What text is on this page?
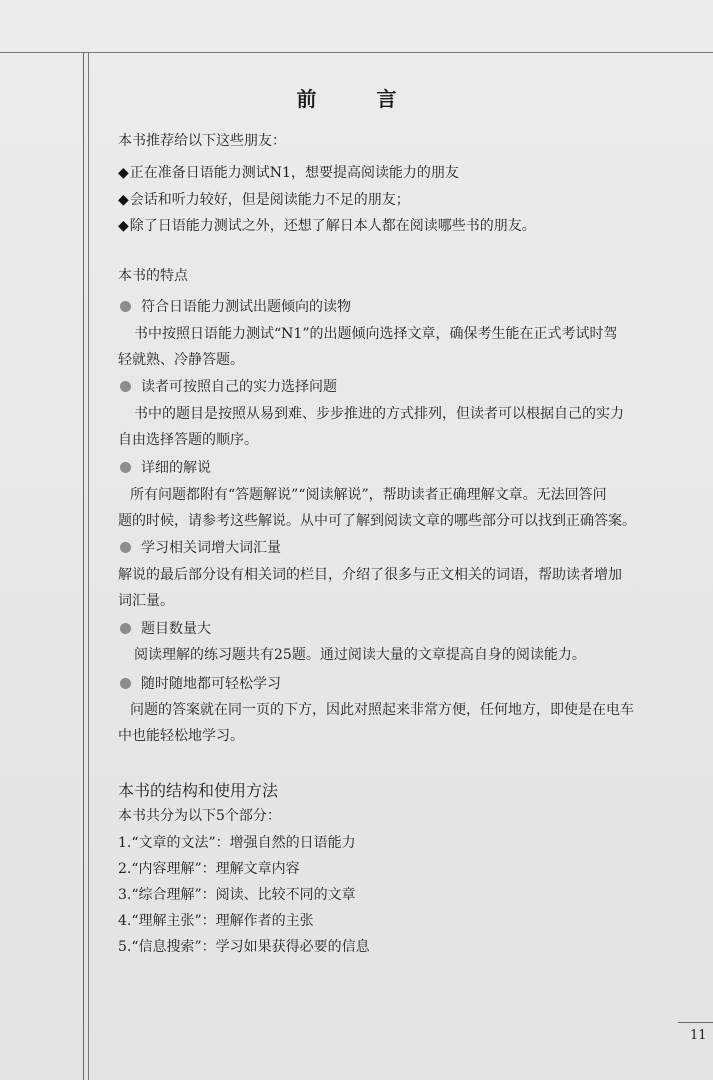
前　言
本书推荐给以下这些朋友：
◆正在准备日语能力测试N1，想要提高阅读能力的朋友
◆会话和听力较好，但是阅读能力不足的朋友；
◆除了日语能力测试之外，还想了解日本人都在阅读哪些书的朋友。
本书的特点
符合日语能力测试出题倾向的读物
书中按照日语能力测试“N1”的出题倾向选择文章，确保考生能在正式考试时驾
轻就熟、冷静答题。
读者可按照自己的实力选择问题
书中的题目是按照从易到难、步步推进的方式排列，但读者可以根据自己的实力
自由选择答题的顺序。
详细的解说
所有问题都附有“答题解说”“阅读解说”，帮助读者正确理解文章。无法回答问
题的时候，请参考这些解说。从中可了解到阅读文章的哪些部分可以找到正确答案。
学习相关词增大词汇量
解说的最后部分设有相关词的栏目，介绍了很多与正文相关的词语，帮助读者增加
词汇量。
题目数量大
阅读理解的练习题共有25题。通过阅读大量的文章提高自身的阅读能力。
随时随地都可轻松学习
问题的答案就在同一页的下方，因此对照起来非常方便，任何地方，即使是在电车
中也能轻松地学习。
本书的结构和使用方法
本书共分为以下5个部分：
1.“文章的文法”：增强自然的日语能力
2.“内容理解”：理解文章内容
3.“综合理解”：阅读、比较不同的文章
4.“理解主张”：理解作者的主张
5.“信息搜索”：学习如果获得必要的信息
11
